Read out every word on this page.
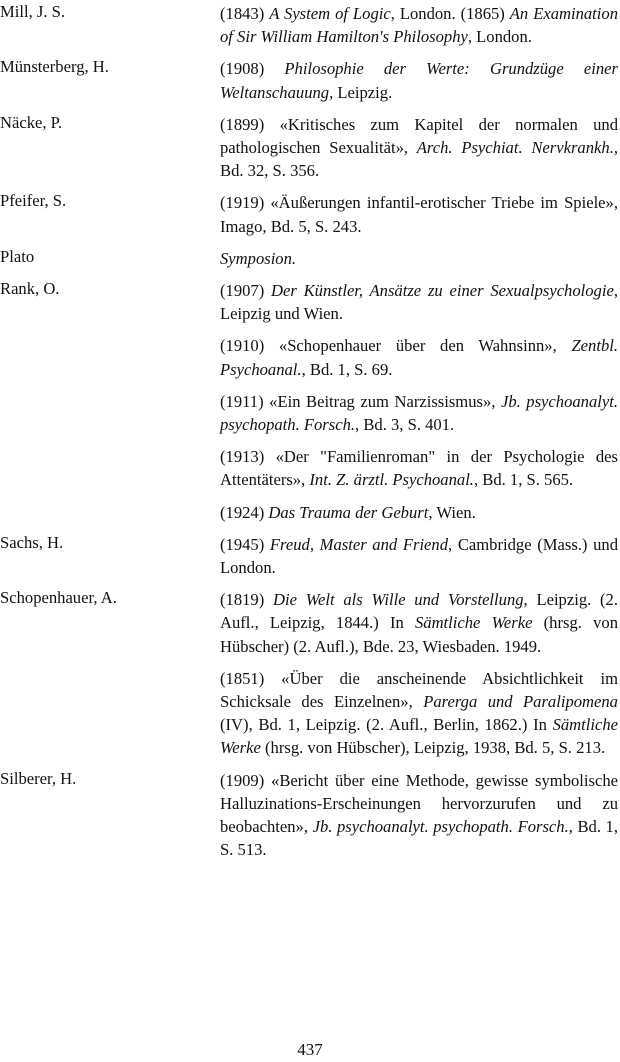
Mill, J. S.	(1843) A System of Logic, London. (1865) An Examination of Sir William Hamilton's Philosophy, London.
Münsterberg, H.	(1908) Philosophie der Werte: Grundzüge einer Weltanschauung, Leipzig.
Näcke, P.	(1899) «Kritisches zum Kapitel der normalen und pathologischen Sexualität», Arch. Psychiat. Nervkrankh., Bd. 32, S. 356.
Pfeifer, S.	(1919) «Äußerungen infantil-erotischer Triebe im Spiele», Imago, Bd. 5, S. 243.
Plato	Symposion.
Rank, O.	(1907) Der Künstler, Ansätze zu einer Sexualpsychologie, Leipzig und Wien.
(1910) «Schopenhauer über den Wahnsinn», Zentbl. Psychoanal., Bd. 1, S. 69.
(1911) «Ein Beitrag zum Narzissismus», Jb. psychoanalyt. psychopath. Forsch., Bd. 3, S. 401.
(1913) «Der "Familienroman" in der Psychologie des Attentäters», Int. Z. ärztl. Psychoanal., Bd. 1, S. 565.
(1924) Das Trauma der Geburt, Wien.
Sachs, H.	(1945) Freud, Master and Friend, Cambridge (Mass.) und London.
Schopenhauer, A.	(1819) Die Welt als Wille und Vorstellung, Leipzig. (2. Aufl., Leipzig, 1844.) In Sämtliche Werke (hrsg. von Hübscher) (2. Aufl.), Bde. 23, Wiesbaden. 1949.
(1851) «Über die anscheinende Absichtlichkeit im Schicksale des Einzelnen», Parerga und Paralipomena (IV), Bd. 1, Leipzig. (2. Aufl., Berlin, 1862.) In Sämtliche Werke (hrsg. von Hübscher), Leipzig, 1938, Bd. 5, S. 213.
Silberer, H.	(1909) «Bericht über eine Methode, gewisse symbolische Halluzinations-Erscheinungen hervorzurufen und zu beobachten», Jb. psychoanalyt. psychopath. Forsch., Bd. 1, S. 513.
437
